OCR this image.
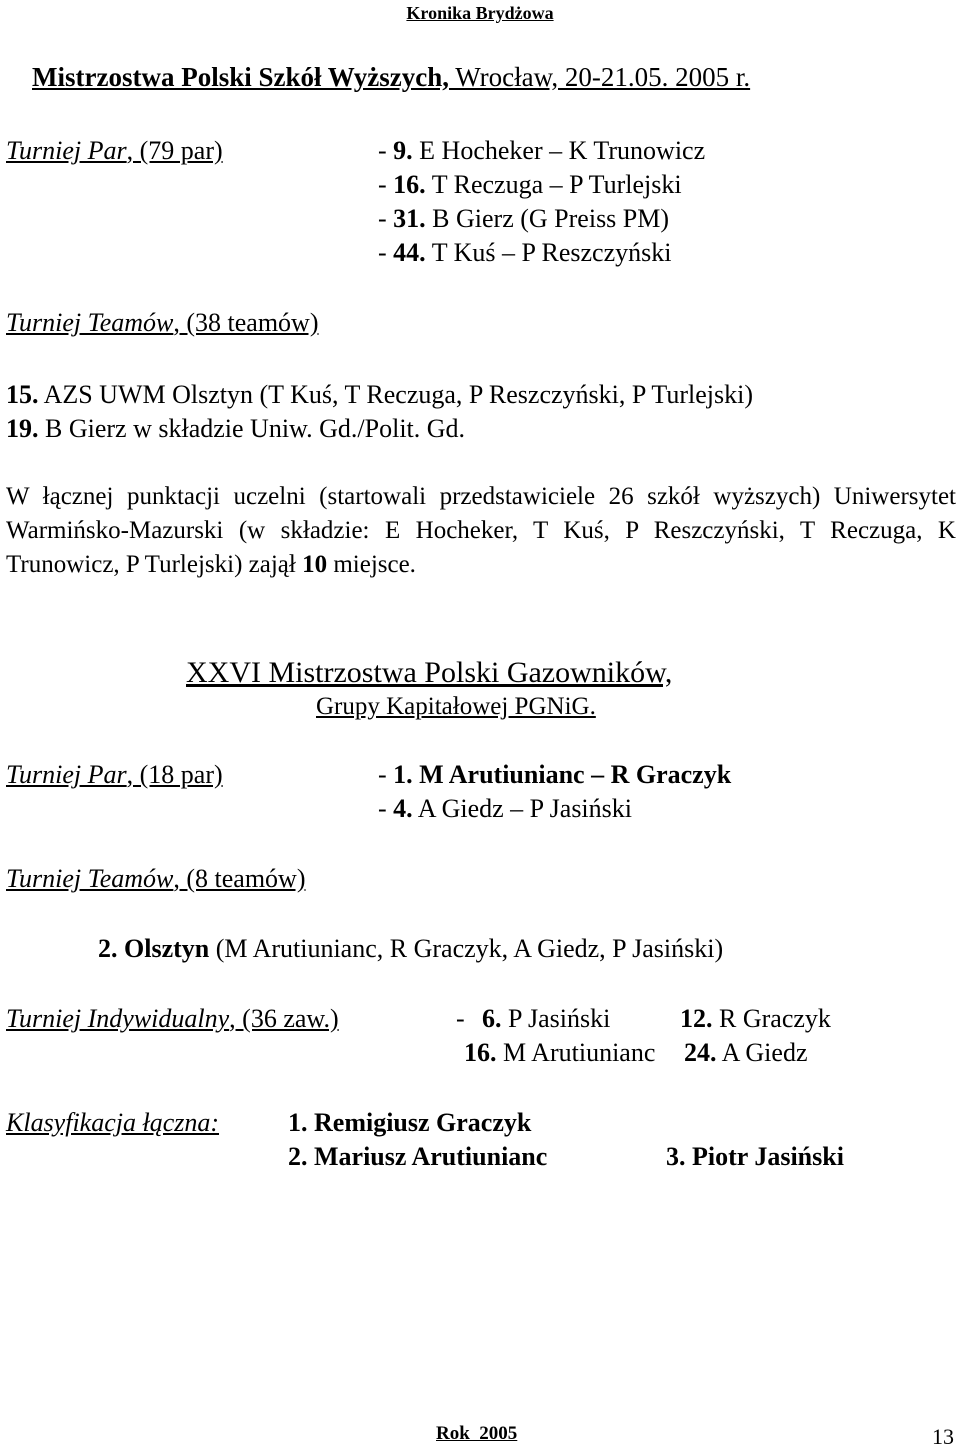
Kronika Brydżowa
Mistrzostwa Polski Szkół Wyższych, Wrocław, 20-21.05. 2005 r.
Turniej Par, (79 par)	- 9. E Hocheker – K Trunowicz
- 16. T Reczuga – P Turlejski
- 31. B Gierz (G Preiss PM)
- 44. T Kuś – P Reszczyński
Turniej Teamów, (38 teamów)
15. AZS UWM Olsztyn (T Kuś, T Reczuga, P Reszczyński, P Turlejski)
19. B Gierz w składzie Uniw. Gd./Polit. Gd.
W łącznej punktacji uczelni (startowali przedstawiciele 26 szkół wyższych) Uniwersytet Warmińsko-Mazurski (w składzie: E Hocheker, T Kuś, P Reszczyński, T Reczuga, K Trunowicz, P Turlejski) zajął 10 miejsce.
XXVI Mistrzostwa Polski Gazowników,
Grupy Kapitałowej PGNiG.
Turniej Par, (18 par)	- 1. M Arutiunianc – R Graczyk
- 4. A Giedz – P Jasiński
Turniej Teamów, (8 teamów)
2. Olsztyn (M Arutiunianc, R Graczyk, A Giedz, P Jasiński)
Turniej Indywidualny, (36 zaw.)	- 6. P Jasiński	12. R Graczyk
16. M Arutiunianc 24. A Giedz
Klasyfikacja łączna:	1. Remigiusz Graczyk
2. Mariusz Arutiunianc	3. Piotr Jasiński
Rok  2005	13
